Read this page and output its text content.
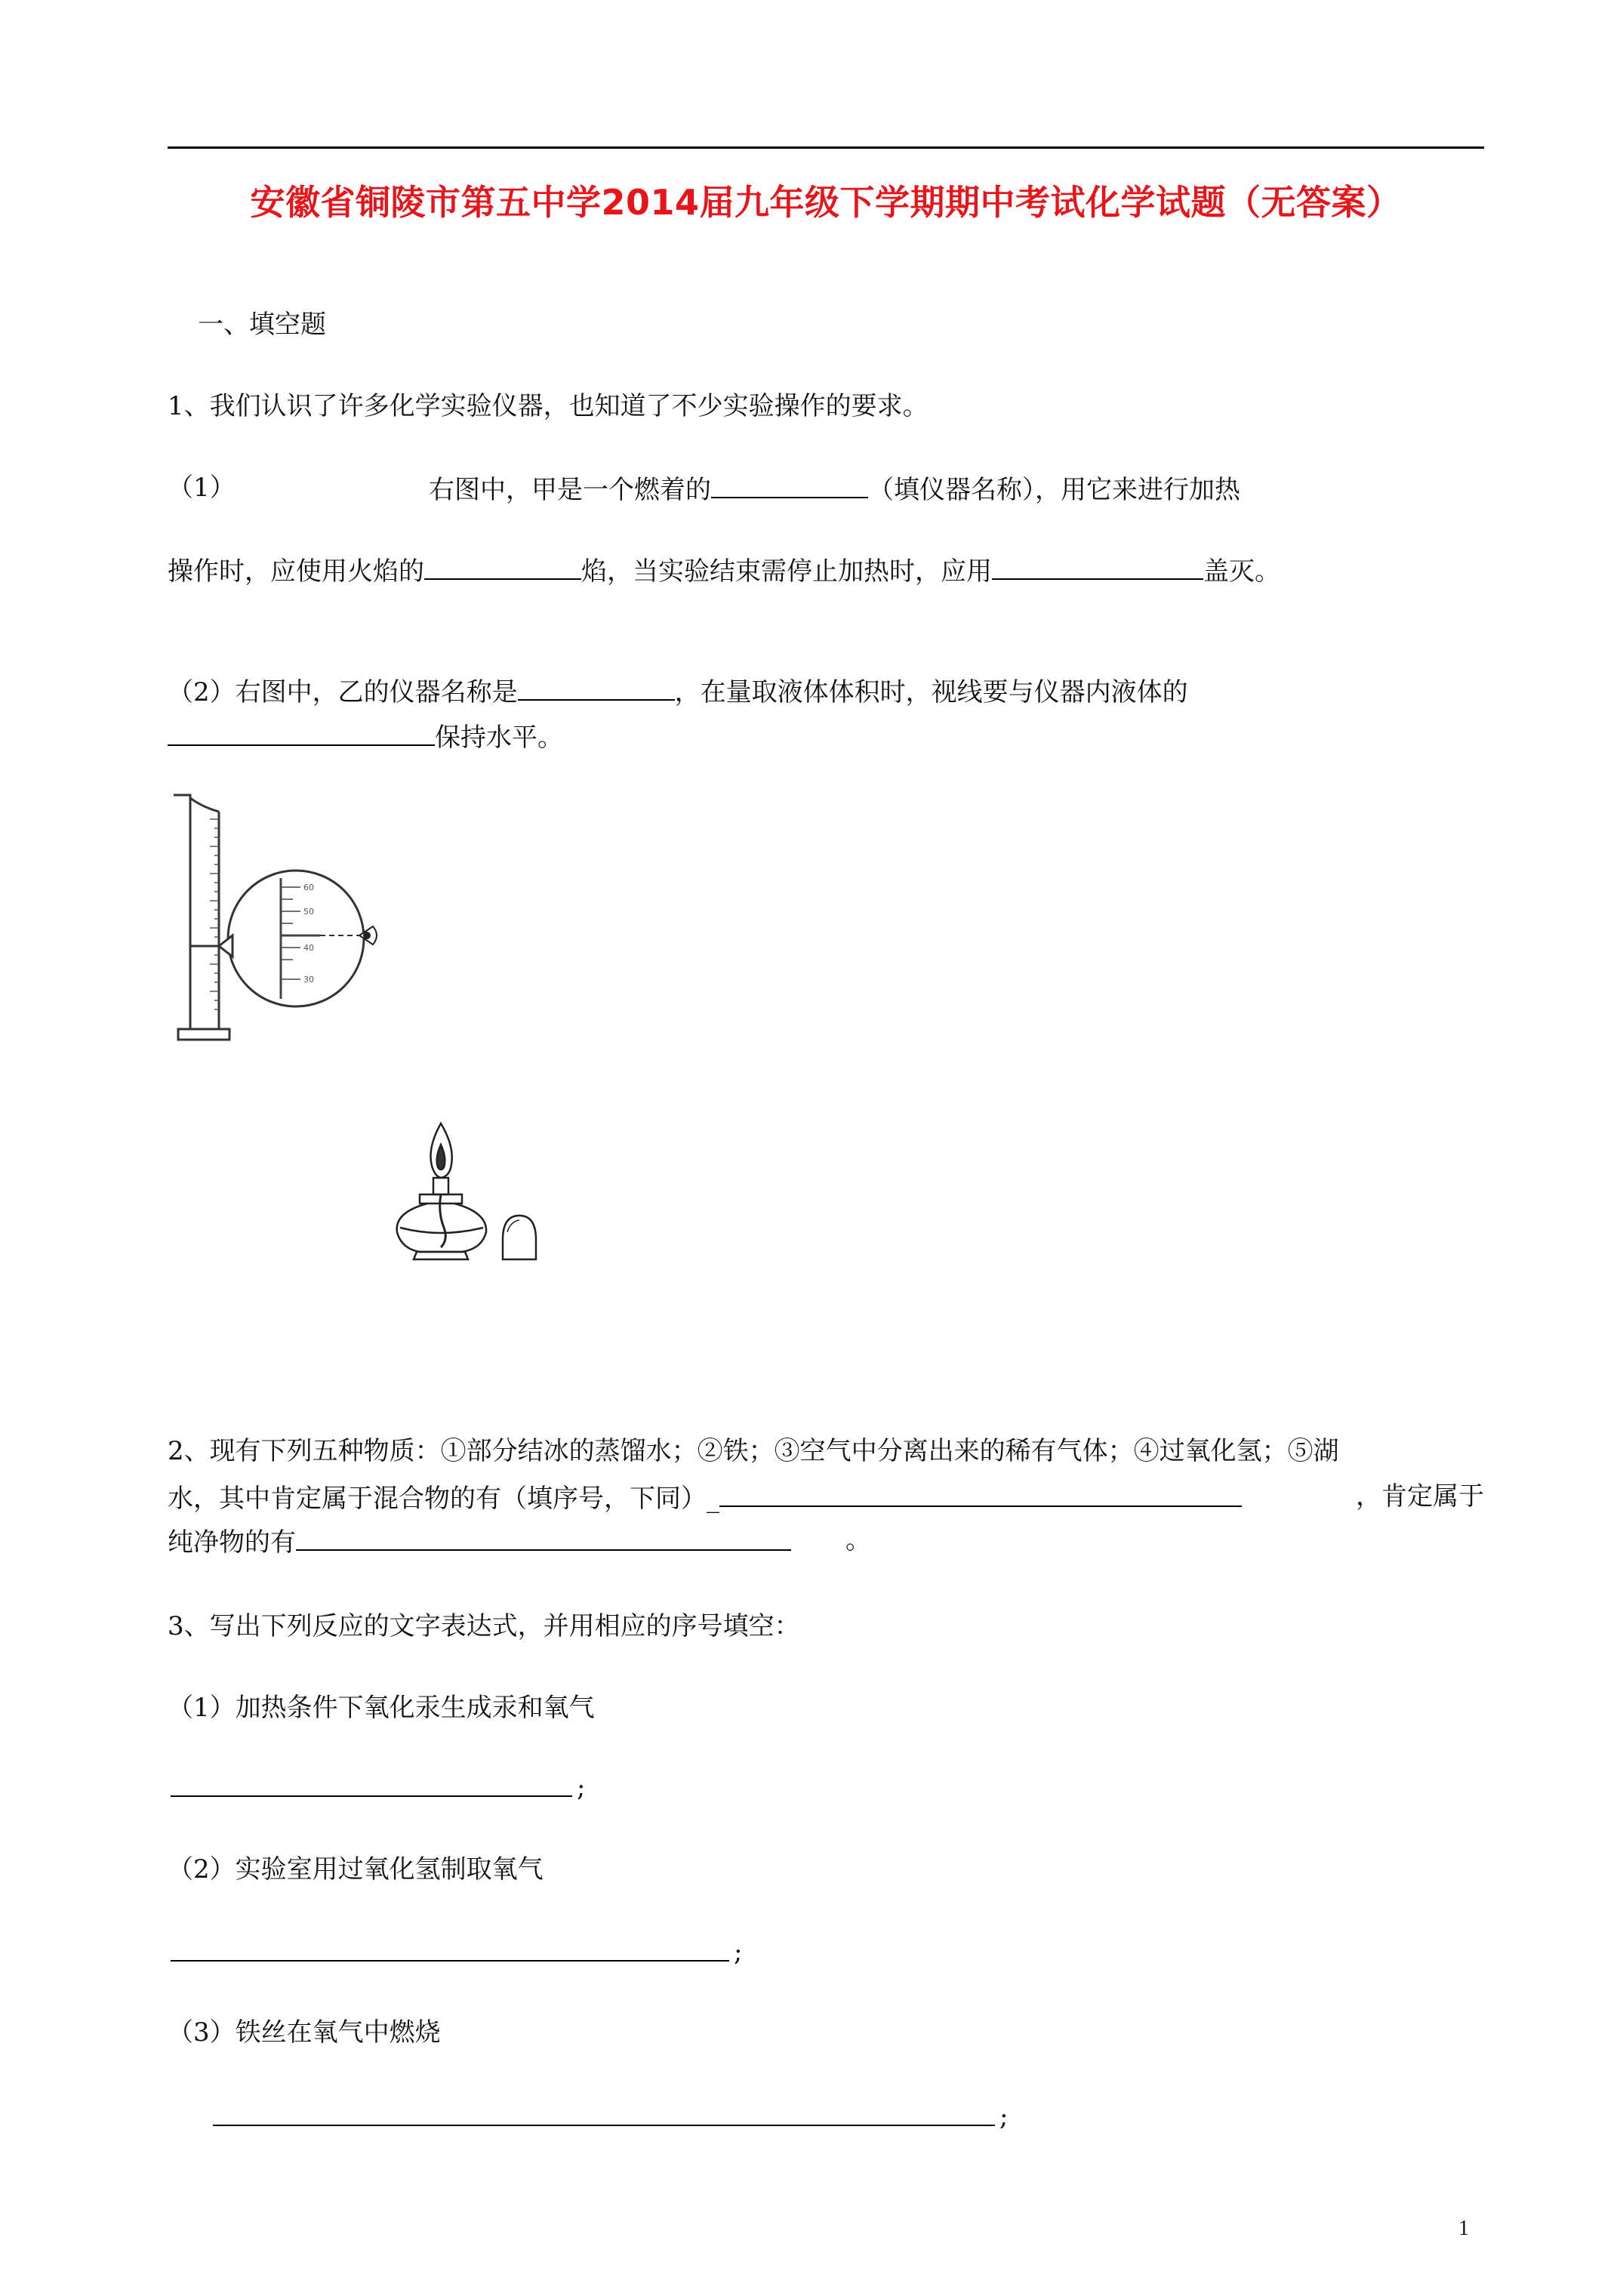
安徽省铜陵市第五中学2014届九年级下学期期中考试化学试题（无答案）
一、填空题
1、我们认识了许多化学实验仪器，也知道了不少实验操作的要求。
（1）	右图中，甲是一个燃着的	（填仪器名称），用它来进行加热
操作时，应使用火焰的	焰，当实验结束需停止加热时，应用	盖灭。
（2）右图中，乙的仪器名称是	，在量取液体体积时，视线要与仪器内液体的
保持水平。
60
50
40
30
2、现有下列五种物质：①部分结冰的蒸馏水；②铁；③空气中分离出来的稀有气体；④过氧化氢；⑤湖
水，其中肯定属于混合物的有（填序号，下同）_	，肯定属于
纯净物的有	。
3、写出下列反应的文字表达式，并用相应的序号填空：
（1）加热条件下氧化汞生成汞和氧气
;
（2）实验室用过氧化氢制取氧气
;
（3）铁丝在氧气中燃烧
;
1
